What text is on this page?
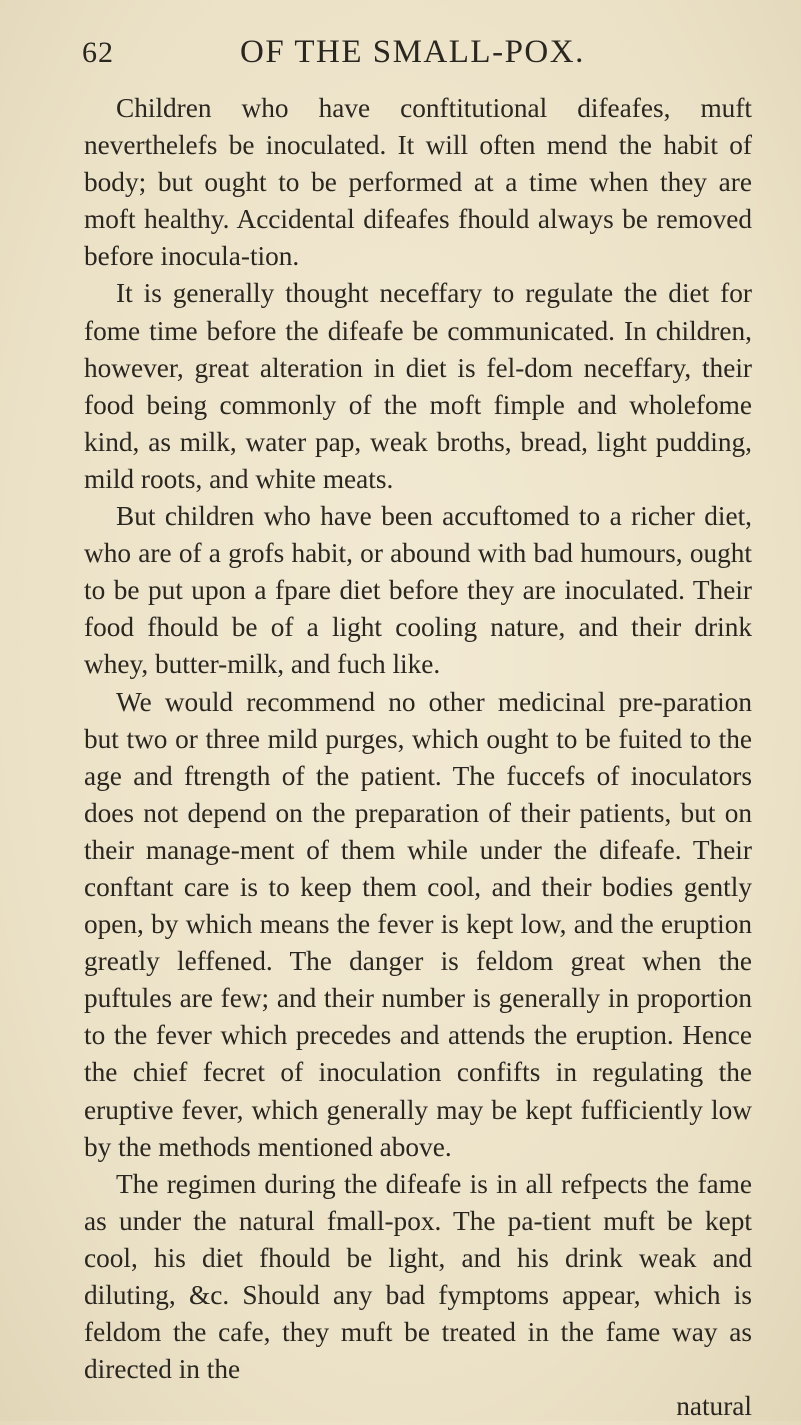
62	OF THE SMALL-POX.

Children who have conftitutional difeafes, muft neverthelefs be inoculated. It will often mend the habit of body; but ought to be performed at a time when they are moft healthy. Accidental difeafes fhould always be removed before inocula-tion.

It is generally thought neceffary to regulate the diet for fome time before the difeafe be communicated. In children, however, great alteration in diet is fel-dom neceffary, their food being commonly of the moft fimple and wholefome kind, as milk, water pap, weak broths, bread, light pudding, mild roots, and white meats.

But children who have been accuftomed to a richer diet, who are of a grofs habit, or abound with bad humours, ought to be put upon a fpare diet before they are inoculated. Their food fhould be of a light cooling nature, and their drink whey, butter-milk, and fuch like.

We would recommend no other medicinal pre-paration but two or three mild purges, which ought to be fuited to the age and ftrength of the patient. The fuccefs of inoculators does not depend on the preparation of their patients, but on their manage-ment of them while under the difeafe. Their conftant care is to keep them cool, and their bodies gently open, by which means the fever is kept low, and the eruption greatly leffened. The danger is feldom great when the puftules are few; and their number is generally in proportion to the fever which precedes and attends the eruption. Hence the chief fecret of inoculation confifts in regulating the eruptive fever, which generally may be kept fufficiently low by the methods mentioned above.

The regimen during the difeafe is in all refpects the fame as under the natural fmall-pox. The pa-tient muft be kept cool, his diet fhould be light, and his drink weak and diluting, &c. Should any bad fymptoms appear, which is feldom the cafe, they muft be treated in the fame way as directed in the

natural
